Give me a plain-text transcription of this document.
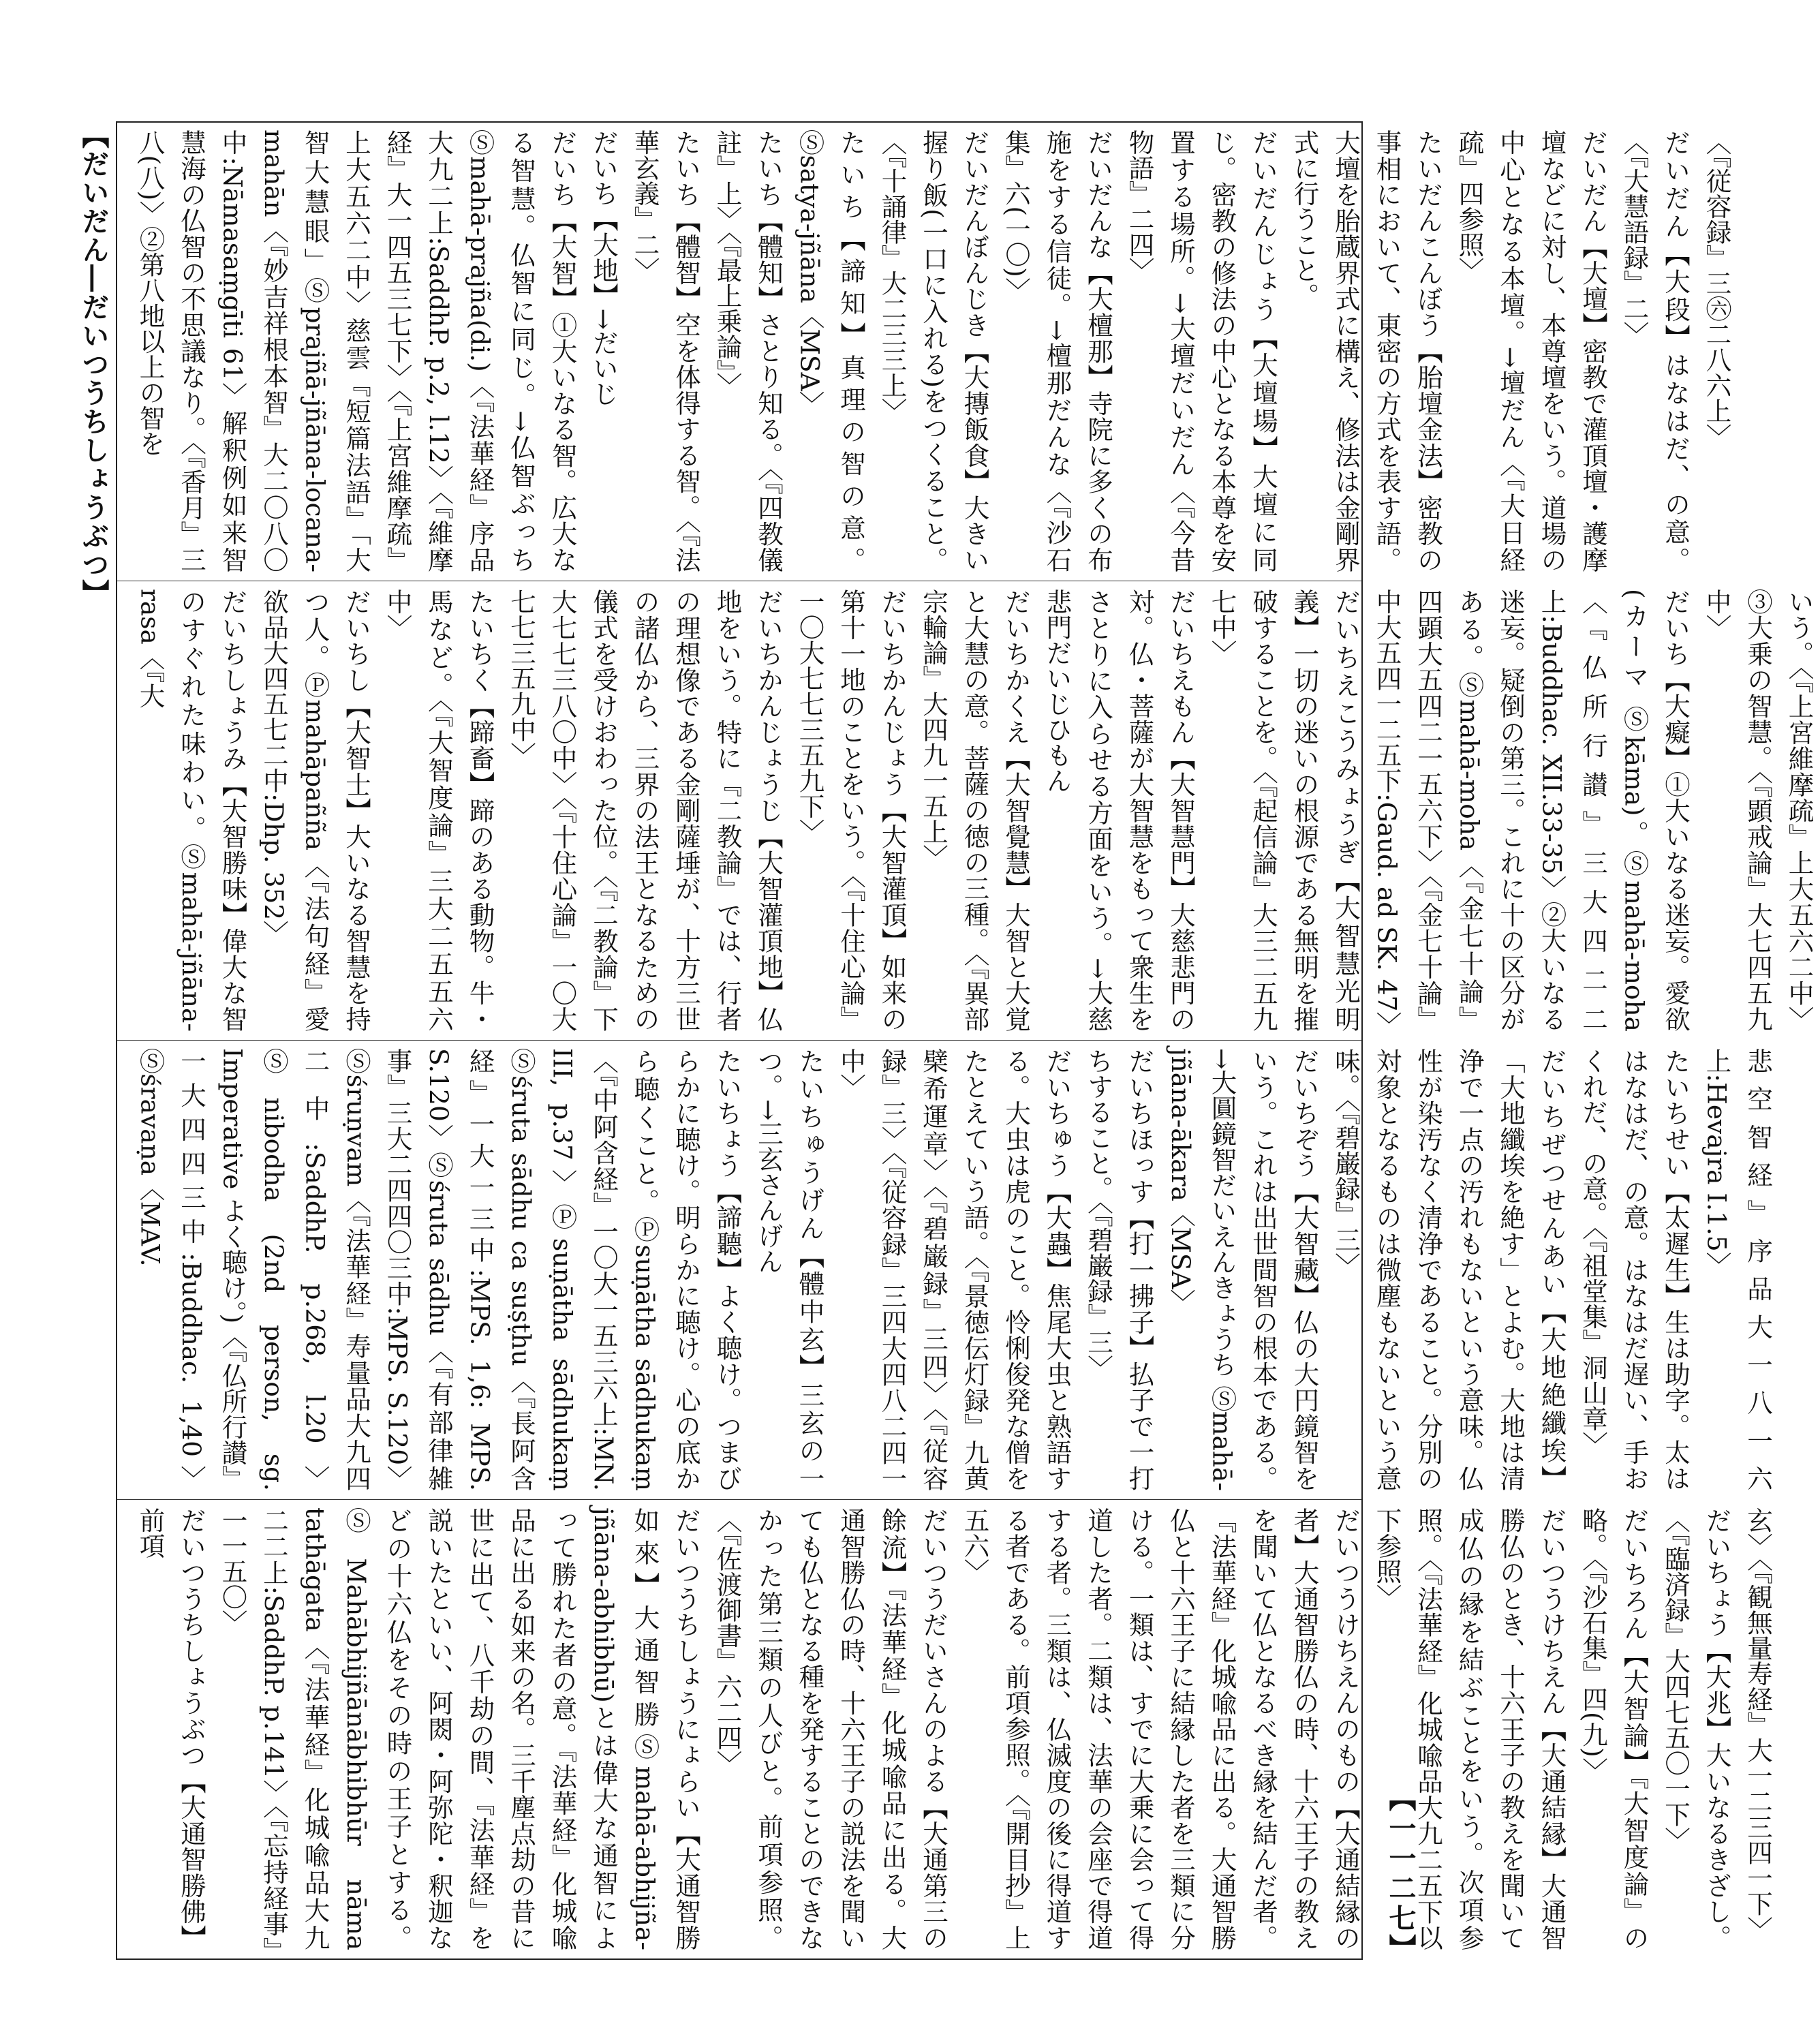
【だいだん―だいつうちしょうぶつ】
【一一二七】

〈『従容録』三㊅二八六上〉

だいだん【大段】はなはだ、の意。〈『大慧語録』二〉

だいだん【大壇】密教で灌頂壇・護摩壇などに対し、本尊壇をいう。道場の中心となる本壇。→壇だん〈『大日経疏』四参照〉

たいだんこんぼう【胎壇金法】密教の事相において、東密の方式を表す語。大壇を胎蔵界式に構え、修法は金剛界式に行うこと。

だいだんじょう【大壇場】大壇に同じ。密教の修法の中心となる本尊を安置する場所。→大壇だいだん〈『今昔物語』二四〉

だいだんな【大檀那】寺院に多くの布施をする信徒。→檀那だんな〈『沙石集』六(一〇)〉

だいだんぼんじき【大摶飯食】大きい握り飯(一口に入れる)をつくること。〈『十誦律』大二三三上〉

たいち【諦知】真理の智の意。Ⓢsatya-jñāna〈MSA〉

たいち【體知】さとり知る。〈『四教儀註』上〉〈『最上乗論』〉

たいち【體智】空を体得する智。〈『法華玄義』二〉

だいち【大地】→だいじ

だいち【大智】①大いなる智。広大なる智慧。仏智に同じ。→仏智ぶっち Ⓢmahā-prajña(di.)〈『法華経』序品大九二上:SaddhP. p.2, l.12〉〈『維摩経』大一四五三七下〉〈『上宮維摩疏』上大五六二中〉慈雲『短篇法語』「大智大慧眼」Ⓢprajñā-jñāna-locana-mahān〈『妙吉祥根本智』大二〇八〇中:Nāmasaṃgīti 61〉解釈例如来智慧海の仏智の不思議なり。〈『香月』三八(八)〉②第八地以上の智を

いう。〈『上宮維摩疏』上大五六二中〉③大乗の智慧。〈『顕戒論』大七四五九中〉

だいち【大癡】①大いなる迷妄。愛欲(カーマ Ⓢkāma)。Ⓢmahā-moha〈『仏所行讃』三大四二二上:Buddhac. XII.33-35〉②大いなる迷妄。疑倒の第三。これに十の区分がある。Ⓢmahā-moha〈『金七十論』四顕大五四二一五六下〉〈『金七十論』中大五四一二五下:Gaud. ad SK. 47〉

だいちえこうみょうぎ【大智慧光明義】一切の迷いの根源である無明を摧破することを。〈『起信論』大三二五九七中〉

だいちえもん【大智慧門】大慈悲門の対。仏・菩薩が大智慧をもって衆生をさとりに入らせる方面をいう。→大慈悲門だいじひもん

だいちかくえ【大智覺慧】大智と大覚と大慧の意。菩薩の徳の三種。〈『異部宗輪論』大四九一五上〉

だいちかんじょう【大智灌頂】如来の第十一地のことをいう。〈『十住心論』一〇大七七三五九下〉

だいちかんじょうじ【大智灌頂地】仏地をいう。特に『二教論』では、行者の理想像である金剛薩埵が、十方三世の諸仏から、三界の法王となるための儀式を受けおわった位。〈『二教論』下大七七三八〇中〉〈『十住心論』一〇大七七三五九中〉

たいちく【蹄畜】蹄のある動物。牛・馬など。〈『大智度論』三大二五五六中〉

だいちし【大智士】大いなる智慧を持つ人。Ⓟmahāpañña〈『法句経』愛欲品大四五七二中:Dhp. 352〉

だいちしょうみ【大智勝味】偉大な智のすぐれた味わい。Ⓢmahā-jñāna-rasa〈『大

悲空智経』序品大一八一六上:Hevajra I.1.5〉

たいちせい【太遲生】生は助字。太ははなはだ、の意。はなはだ遅い、手おくれだ、の意。〈『祖堂集』洞山章〉

だいちぜつせんあい【大地絶纖埃】「大地纖埃を絶す」とよむ。大地は清浄で一点の汚れもないという意味。仏性が染汚なく清浄であること。分別の対象となるものは微塵もないという意味。〈『碧巌録』三〉

だいちぞう【大智藏】仏の大円鏡智をいう。これは出世間智の根本である。→大圓鏡智だいえんきょうち Ⓢmahā-jñāna-ākara〈MSA〉

だいちほっす【打一拂子】払子で一打ちすること。〈『碧巌録』三〉

だいちゅう【大蟲】焦尾大虫と熟語する。大虫は虎のこと。怜悧俊発な僧をたとえていう語。〈『景徳伝灯録』九黄檗希運章〉〈『碧巌録』三四〉〈『従容録』三〉〈『従容録』三四大四八二四一中〉

たいちゅうげん【體中玄】三玄の一つ。→三玄さんげん

たいちょう【諦聽】よく聴け。つまびらかに聴け。明らかに聴け。心の底から聴くこと。Ⓟsuṇātha sādhukaṃ〈『中阿含経』一〇大一五三六上:MN. III, p.37〉Ⓟsuṇātha sādhukaṃ Ⓢśruta sādhu ca suṣṭhu〈『長阿含経』一大一三中:MPS. 1,6: MPS. S.120〉Ⓢśruta sādhu〈『有部律雑事』三大二四四〇三中:MPS. S.120〉Ⓢśruṇvam〈『法華経』寿量品大九四二中:SaddhP. p.268, l.20〉Ⓢnibodha (2nd person, sg. Imperative よく聴け。)〈『仏所行讃』一大四四三中:Buddhac. 1,40〉Ⓢśravaṇa〈MAV.

玄〉〈『観無量寿経』大一二三四一下〉

だいちょう【大兆】大いなるきざし。〈『臨済録』大四七五〇一下〉

だいちろん【大智論】『大智度論』の略。〈『沙石集』四(九)〉

だいつうけちえん【大通結縁】大通智勝仏のとき、十六王子の教えを聞いて成仏の縁を結ぶことをいう。次項参照。〈『法華経』化城喩品大九二五下以下参照〉

だいつうけちえんのもの【大通結縁の者】大通智勝仏の時、十六王子の教えを聞いて仏となるべき縁を結んだ者。『法華経』化城喩品に出る。大通智勝仏と十六王子に結縁した者を三類に分ける。一類は、すでに大乗に会って得道した者。二類は、法華の会座で得道する者。三類は、仏滅度の後に得道する者である。前項参照。〈『開目抄』上五六〉

だいつうだいさんのよる【大通第三の餘流】『法華経』化城喩品に出る。大通智勝仏の時、十六王子の説法を聞いても仏となる種を発することのできなかった第三類の人びと。前項参照。〈『佐渡御書』六二四〉

だいつうちしょうにょらい【大通智勝如來】大通智勝Ⓢmahā-abhijña-jñāna-abhibhū)とは偉大な通智によって勝れた者の意。『法華経』化城喩品に出る如来の名。三千塵点劫の昔に世に出て、八千劫の間、『法華経』を説いたといい、阿閦・阿弥陀・釈迦などの十六仏をその時の王子とする。ⓈMahābhijñānābhibhūr nāma tathāgata〈『法華経』化城喩品大九二二上:SaddhP. p.141〉〈『忘持経事』一一五〇〉

だいつうちしょうぶつ【大通智勝佛】前項
